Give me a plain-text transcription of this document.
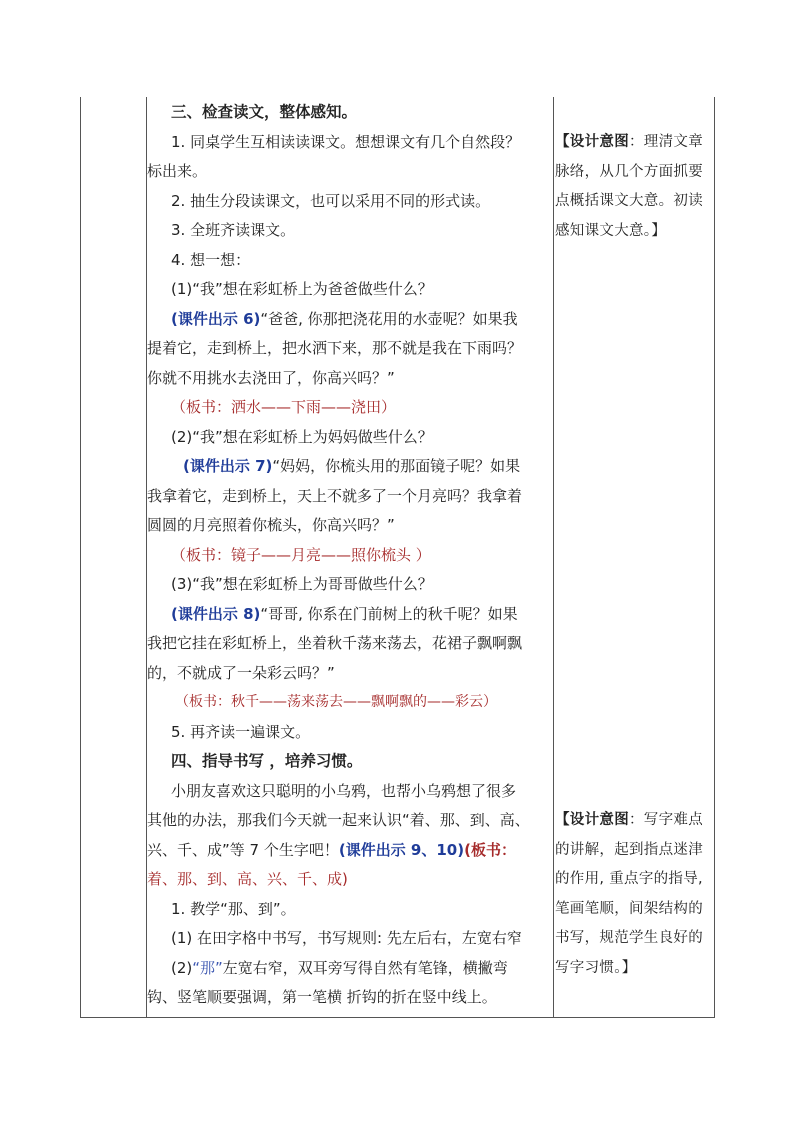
三、检查读文，整体感知。
1. 同桌学生互相读读课文。想想课文有几个自然段？
标出来。
2. 抽生分段读课文，也可以采用不同的形式读。
3. 全班齐读课文。
4. 想一想：
(1)“我”想在彩虹桥上为爸爸做些什么？
(课件出示 6)“爸爸, 你那把浇花用的水壶呢？如果我
提着它，走到桥上，把水洒下来，那不就是我在下雨吗？
你就不用挑水去浇田了，你高兴吗？”
（板书：洒水——下雨——浇田）
(2)“我”想在彩虹桥上为妈妈做些什么？
(课件出示 7)“妈妈，你梳头用的那面镜子呢？如果
我拿着它，走到桥上，天上不就多了一个月亮吗？我拿着
圆圆的月亮照着你梳头，你高兴吗？”
（板书：镜子——月亮——照你梳头 ）
(3)“我”想在彩虹桥上为哥哥做些什么？
(课件出示 8)“哥哥, 你系在门前树上的秋千呢？如果
我把它挂在彩虹桥上，坐着秋千荡来荡去，花裙子飘啊飘
的，不就成了一朵彩云吗？”
（板书：秋千——荡来荡去——飘啊飘的——彩云）
5. 再齐读一遍课文。
四、指导书写 ，培养习惯。
小朋友喜欢这只聪明的小乌鸦，也帮小乌鸦想了很多
其他的办法，那我们今天就一起来认识“着、那、到、高、
兴、千、成”等 7 个生字吧！(课件出示 9、10)(板书：
着、那、到、高、兴、千、成)
1. 教学“那、到”。
(1) 在田字格中书写，书写规则: 先左后右，左宽右窄
(2)“那”左宽右窄，双耳旁写得自然有笔锋，横撇弯
钩、竖笔顺要强调，第一笔横 折钩的折在竖中线上。
【设计意图：理清文章
脉络，从几个方面抓要
点概括课文大意。初读
感知课文大意。】
【设计意图：写字难点
的讲解，起到指点迷津
的作用, 重点字的指导,
笔画笔顺，间架结构的
书写，规范学生良好的
写字习惯。】
